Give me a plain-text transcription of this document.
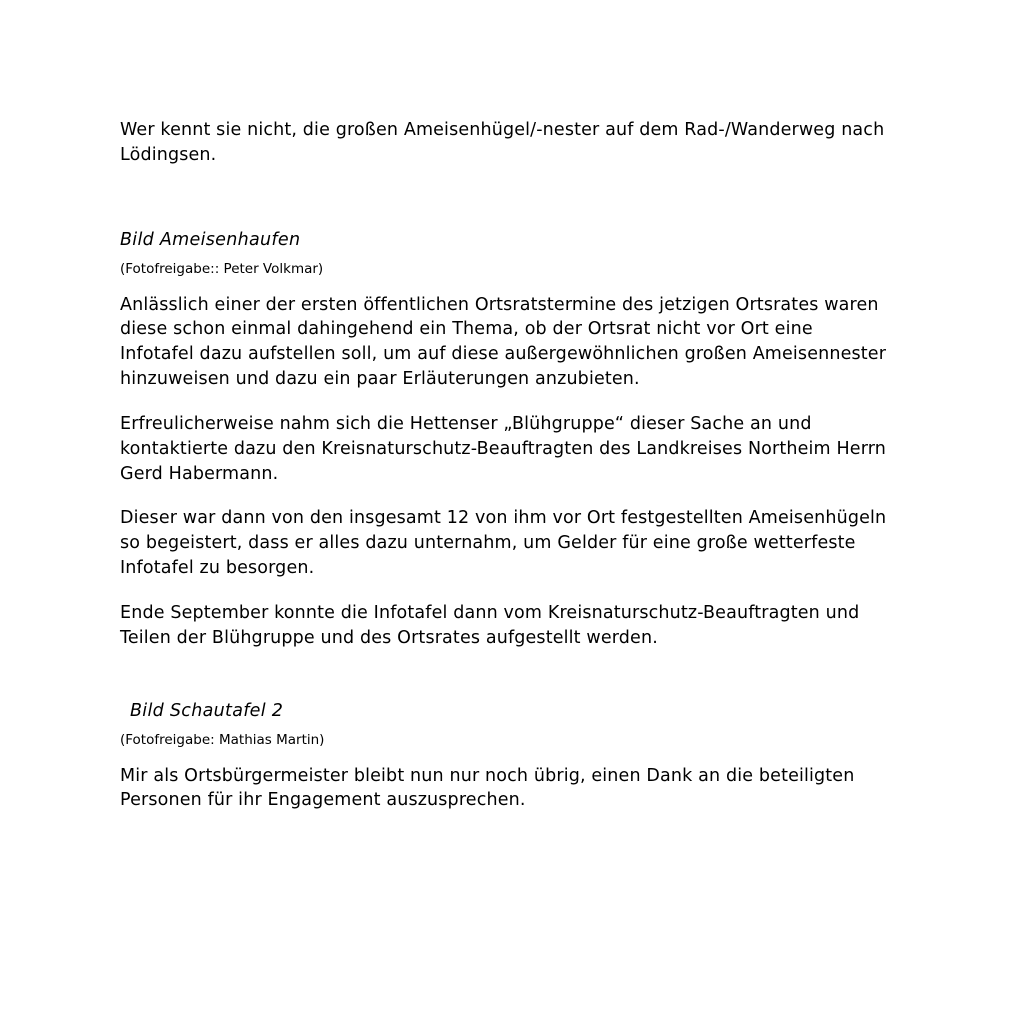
Wer kennt sie nicht, die großen Ameisenhügel/-nester auf dem Rad-/Wanderweg nach Lödingsen.

Bild Ameisenhaufen

(Fotofreigabe:: Peter Volkmar)

Anlässlich einer der ersten öffentlichen Ortsratstermine des jetzigen Ortsrates waren diese schon einmal dahingehend ein Thema, ob der Ortsrat nicht vor Ort eine Infotafel dazu aufstellen soll, um auf diese außergewöhnlichen großen Ameisennester hinzuweisen und dazu ein paar Erläuterungen anzubieten.

Erfreulicherweise nahm sich die Hettenser „Blühgruppe“ dieser Sache an und kontaktierte dazu den Kreisnaturschutz-Beauftragten des Landkreises Northeim Herrn Gerd Habermann.

Dieser war dann von den insgesamt 12 von ihm vor Ort festgestellten Ameisenhügeln so begeistert, dass er alles dazu unternahm, um Gelder für eine große wetterfeste Infotafel zu besorgen.

Ende September konnte die Infotafel dann vom Kreisnaturschutz-Beauftragten und Teilen der Blühgruppe und des Ortsrates aufgestellt werden.

Bild Schautafel 2

(Fotofreigabe: Mathias Martin)

Mir als Ortsbürgermeister bleibt nun nur noch übrig, einen Dank an die beteiligten Personen für ihr Engagement auszusprechen.
